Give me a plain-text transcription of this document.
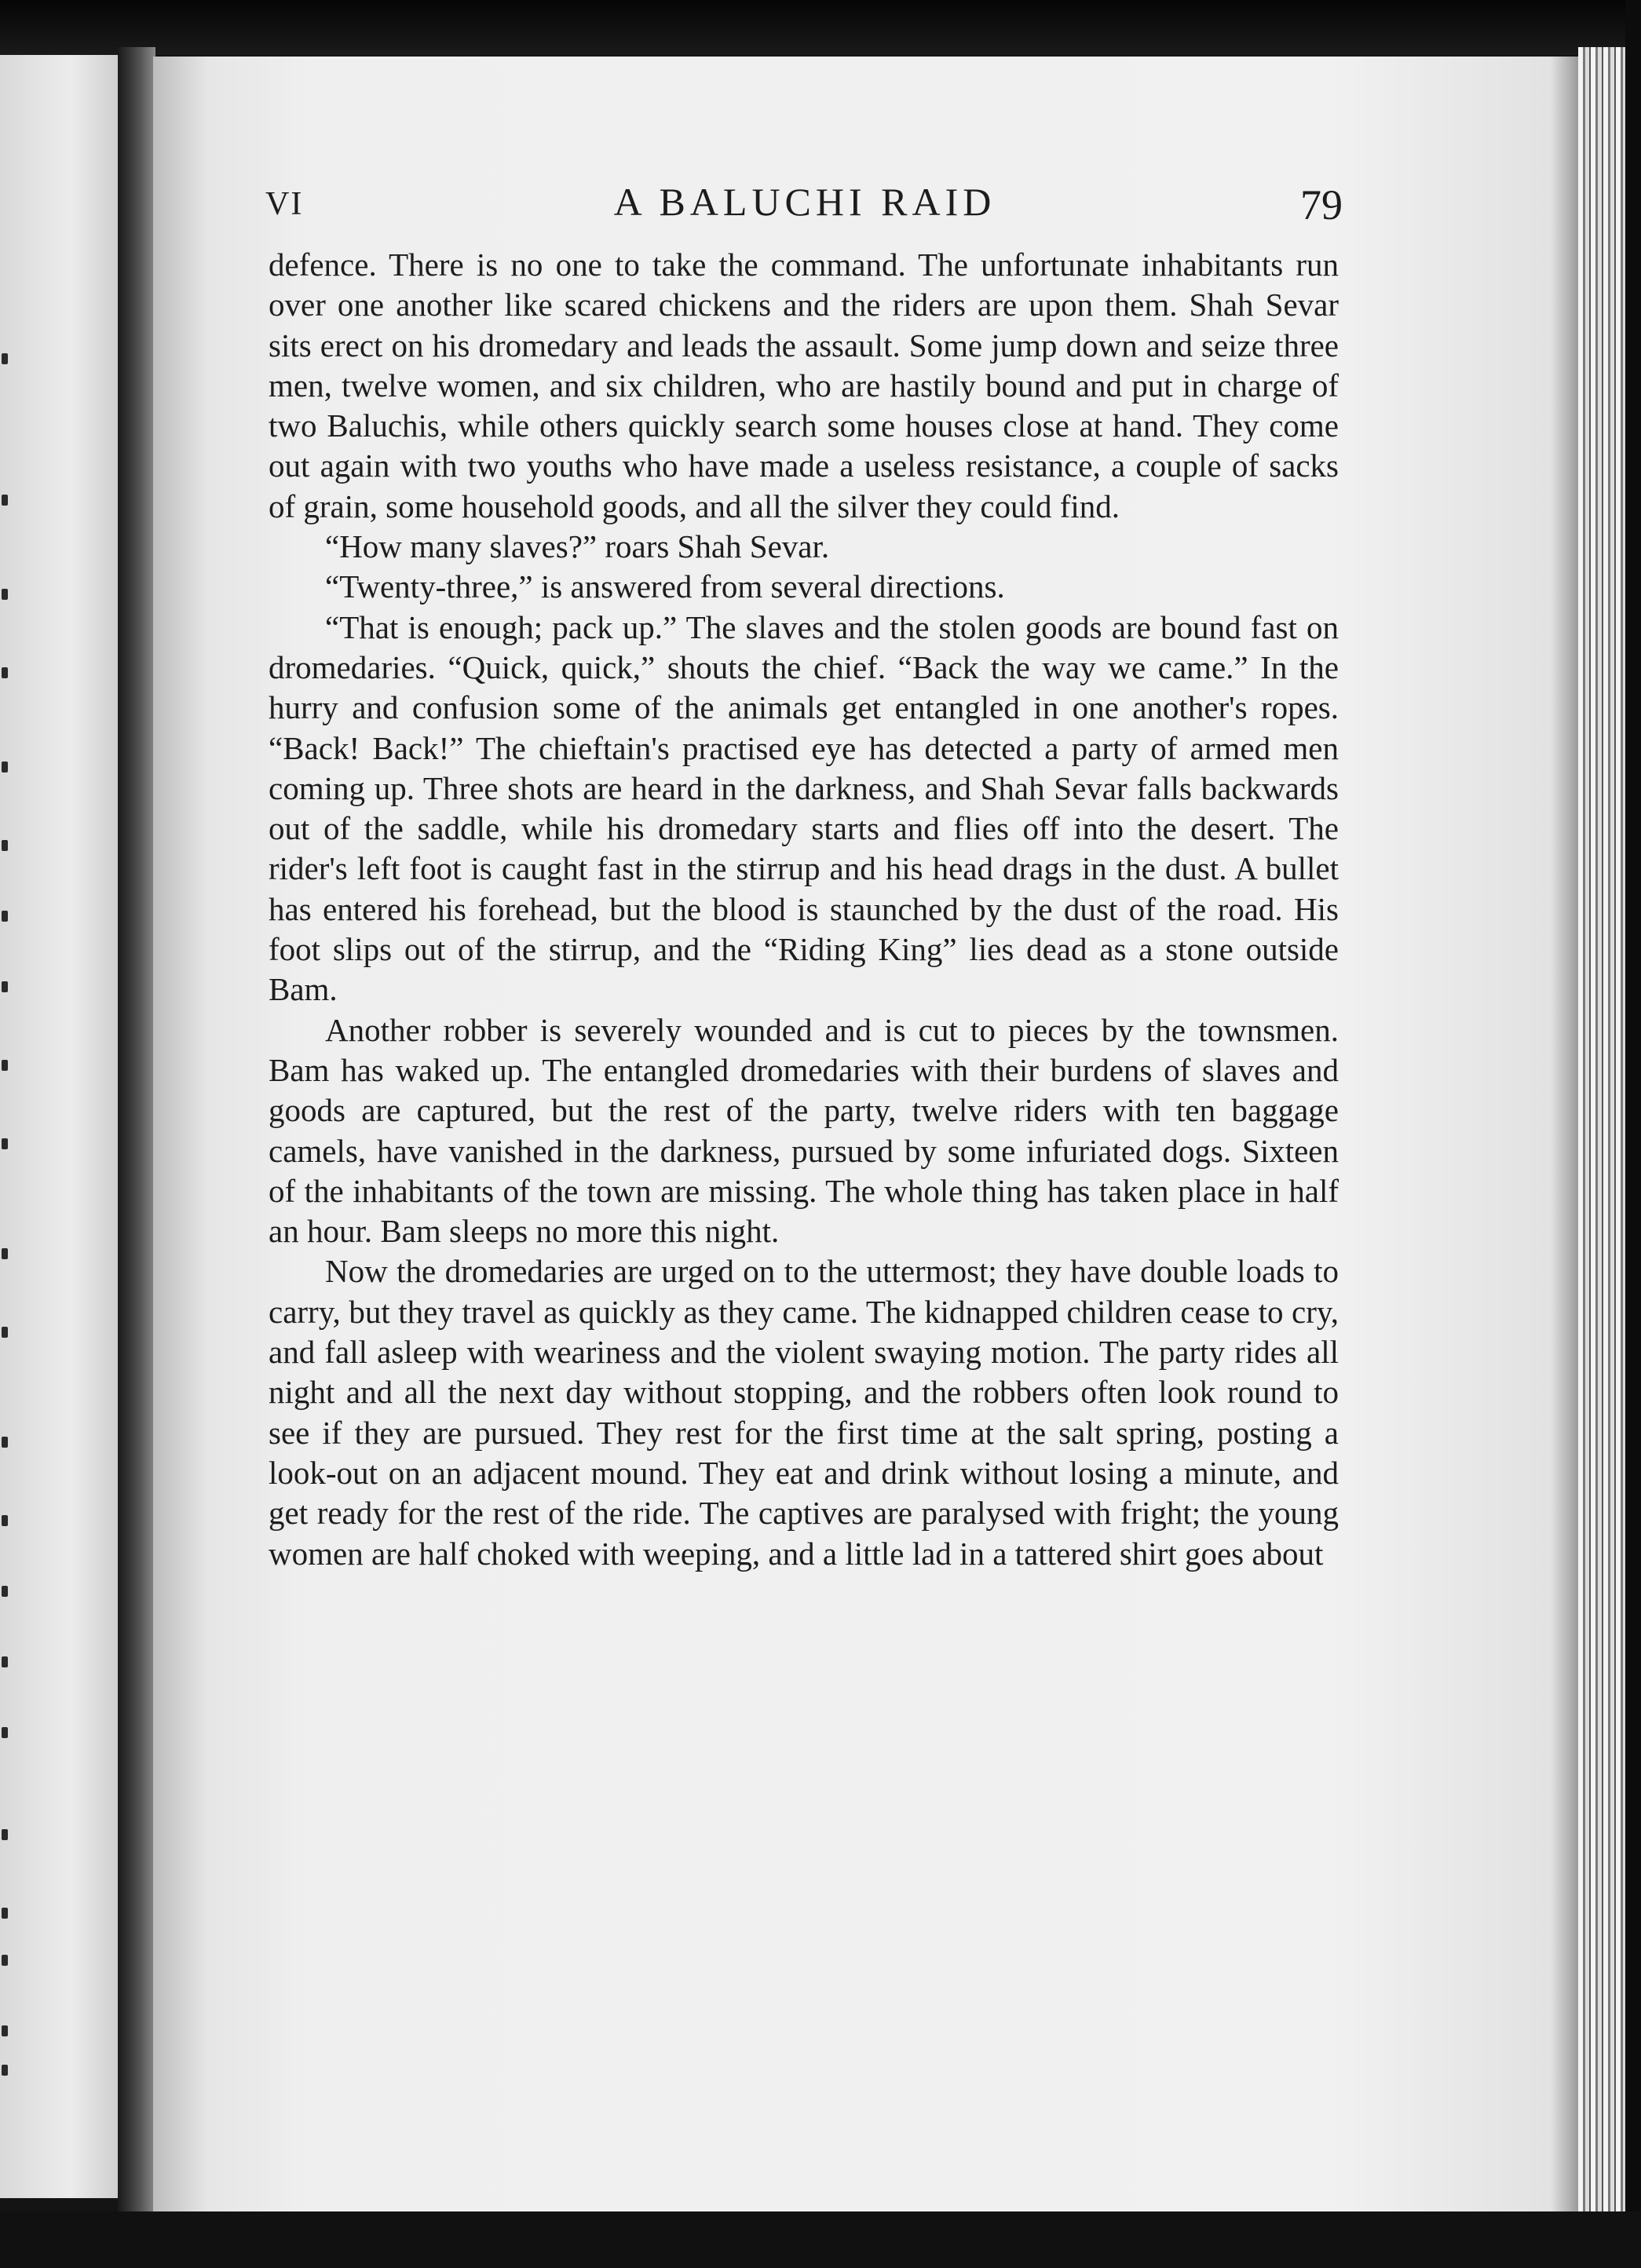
VI	A BALUCHI RAID	79

defence. There is no one to take the command. The unfortunate inhabitants run over one another like scared chickens and the riders are upon them. Shah Sevar sits erect on his dromedary and leads the assault. Some jump down and seize three men, twelve women, and six children, who are hastily bound and put in charge of two Baluchis, while others quickly search some houses close at hand. They come out again with two youths who have made a useless resistance, a couple of sacks of grain, some household goods, and all the silver they could find.

“How many slaves?” roars Shah Sevar.

“Twenty-three,” is answered from several directions.

“That is enough; pack up.” The slaves and the stolen goods are bound fast on dromedaries. “Quick, quick,” shouts the chief. “Back the way we came.” In the hurry and confusion some of the animals get entangled in one another's ropes. “Back! Back!” The chieftain's practised eye has detected a party of armed men coming up. Three shots are heard in the darkness, and Shah Sevar falls backwards out of the saddle, while his dromedary starts and flies off into the desert. The rider's left foot is caught fast in the stirrup and his head drags in the dust. A bullet has entered his forehead, but the blood is staunched by the dust of the road. His foot slips out of the stirrup, and the “Riding King” lies dead as a stone outside Bam.

Another robber is severely wounded and is cut to pieces by the townsmen. Bam has waked up. The entangled dromedaries with their burdens of slaves and goods are captured, but the rest of the party, twelve riders with ten baggage camels, have vanished in the darkness, pursued by some infuriated dogs. Sixteen of the inhabitants of the town are missing. The whole thing has taken place in half an hour. Bam sleeps no more this night.

Now the dromedaries are urged on to the uttermost; they have double loads to carry, but they travel as quickly as they came. The kidnapped children cease to cry, and fall asleep with weariness and the violent swaying motion. The party rides all night and all the next day without stopping, and the robbers often look round to see if they are pursued. They rest for the first time at the salt spring, posting a look-out on an adjacent mound. They eat and drink without losing a minute, and get ready for the rest of the ride. The captives are paralysed with fright; the young women are half choked with weeping, and a little lad in a tattered shirt goes about
